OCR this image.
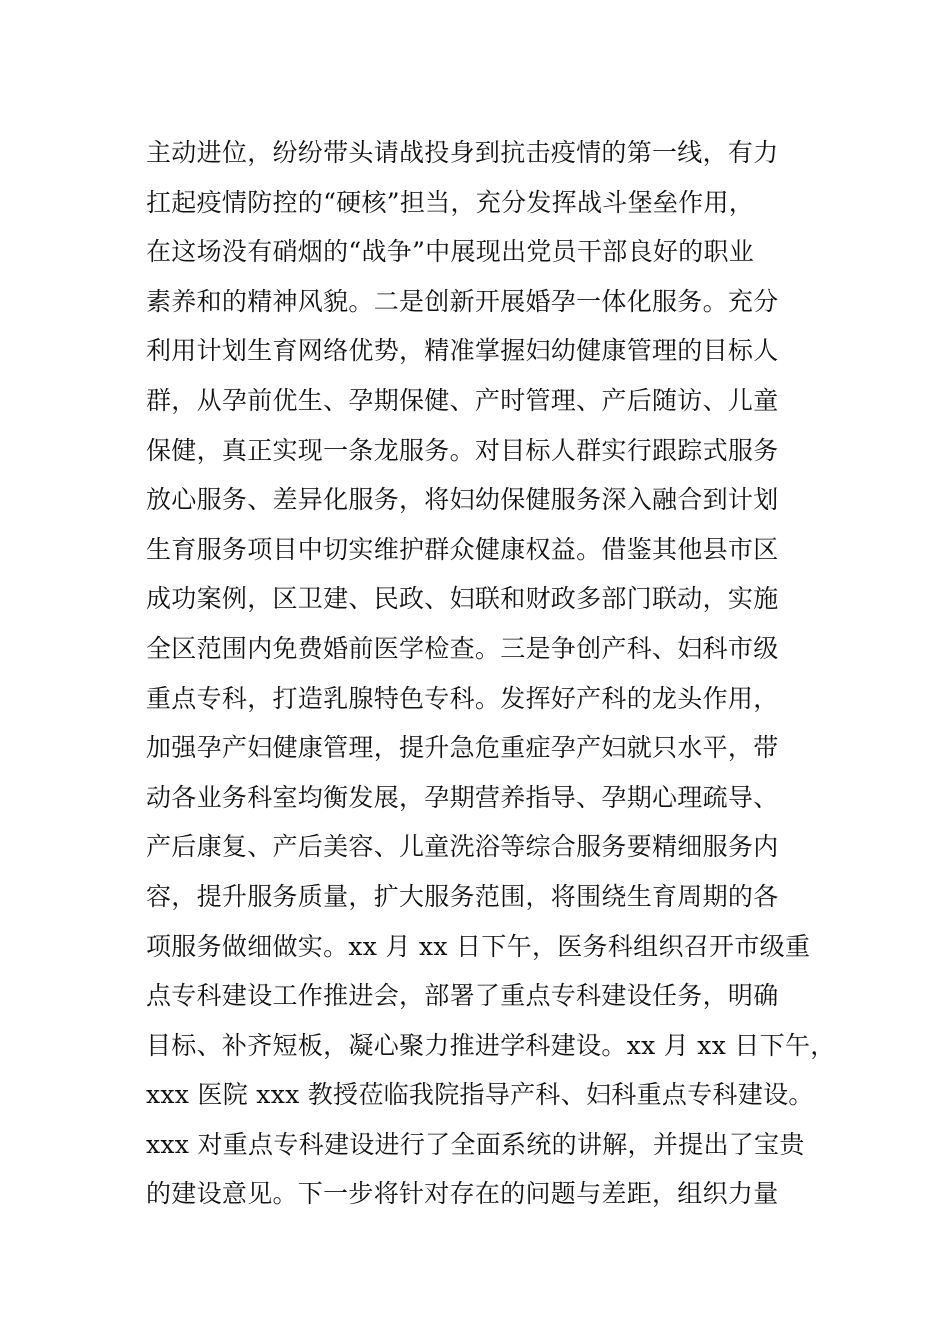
主动进位，纷纷带头请战投身到抗击疫情的第一线，有力
扛起疫情防控的“硬核”担当，充分发挥战斗堡垒作用，
在这场没有硝烟的“战争”中展现出党员干部良好的职业
素养和的精神风貌。二是创新开展婚孕一体化服务。充分
利用计划生育网络优势，精准掌握妇幼健康管理的目标人
群，从孕前优生、孕期保健、产时管理、产后随访、儿童
保健，真正实现一条龙服务。对目标人群实行跟踪式服务
放心服务、差异化服务，将妇幼保健服务深入融合到计划
生育服务项目中切实维护群众健康权益。借鉴其他县市区
成功案例，区卫建、民政、妇联和财政多部门联动，实施
全区范围内免费婚前医学检查。三是争创产科、妇科市级
重点专科，打造乳腺特色专科。发挥好产科的龙头作用，
加强孕产妇健康管理，提升急危重症孕产妇就只水平，带
动各业务科室均衡发展，孕期营养指导、孕期心理疏导、
产后康复、产后美容、儿童洗浴等综合服务要精细服务内
容，提升服务质量，扩大服务范围，将围绕生育周期的各
项服务做细做实。xx 月 xx 日下午，医务科组织召开市级重
点专科建设工作推进会，部署了重点专科建设任务，明确
目标、补齐短板，凝心聚力推进学科建设。xx 月 xx 日下午，
xxx 医院 xxx 教授莅临我院指导产科、妇科重点专科建设。
xxx 对重点专科建设进行了全面系统的讲解，并提出了宝贵
的建设意见。下一步将针对存在的问题与差距，组织力量
